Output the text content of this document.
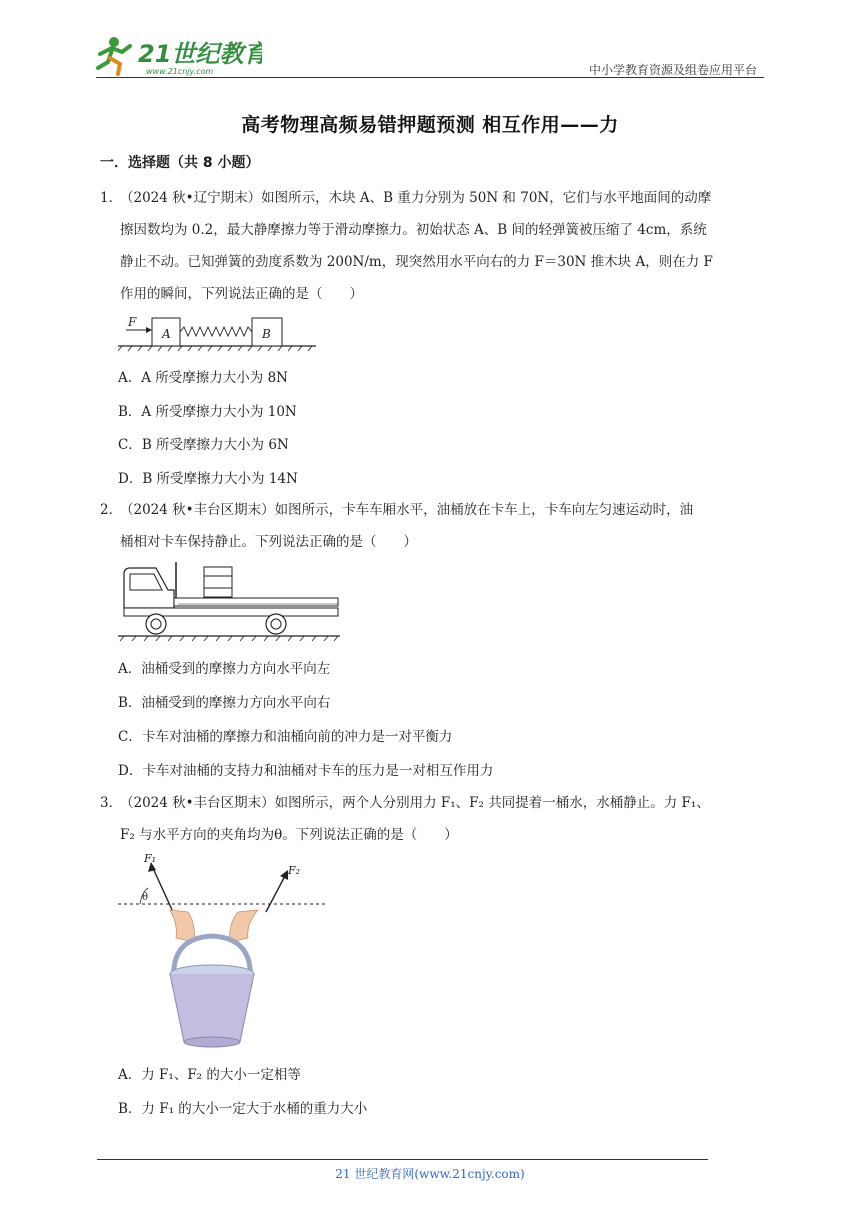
21世纪教育
www.21cnjy.com	中小学教育资源及组卷应用平台
高考物理高频易错押题预测 相互作用——力
一．选择题（共 8 小题）
1．（2024 秋•辽宁期末）如图所示，木块 A、B 重力分别为 50N 和 70N，它们与水平地面间的动摩
擦因数均为 0.2，最大静摩擦力等于滑动摩擦力。初始状态 A、B 间的轻弹簧被压缩了 4cm，系统
静止不动。已知弹簧的劲度系数为 200N/m，现突然用水平向右的力 F＝30N 推木块 A，则在力 F
作用的瞬间，下列说法正确的是（　　）
F
A	B
A．A 所受摩擦力大小为 8N
B．A 所受摩擦力大小为 10N
C．B 所受摩擦力大小为 6N
D．B 所受摩擦力大小为 14N
2．（2024 秋•丰台区期末）如图所示，卡车车厢水平，油桶放在卡车上，卡车向左匀速运动时，油
桶相对卡车保持静止。下列说法正确的是（　　）
A．油桶受到的摩擦力方向水平向左
B．油桶受到的摩擦力方向水平向右
C．卡车对油桶的摩擦力和油桶向前的冲力是一对平衡力
D．卡车对油桶的支持力和油桶对卡车的压力是一对相互作用力
3．（2024 秋•丰台区期末）如图所示，两个人分别用力 F₁、F₂ 共同提着一桶水，水桶静止。力 F₁、
F₂ 与水平方向的夹角均为θ。下列说法正确的是（　　）
F₁
θ
F₂
A．力 F₁、F₂ 的大小一定相等
B．力 F₁ 的大小一定大于水桶的重力大小
21 世纪教育网(www.21cnjy.com)
